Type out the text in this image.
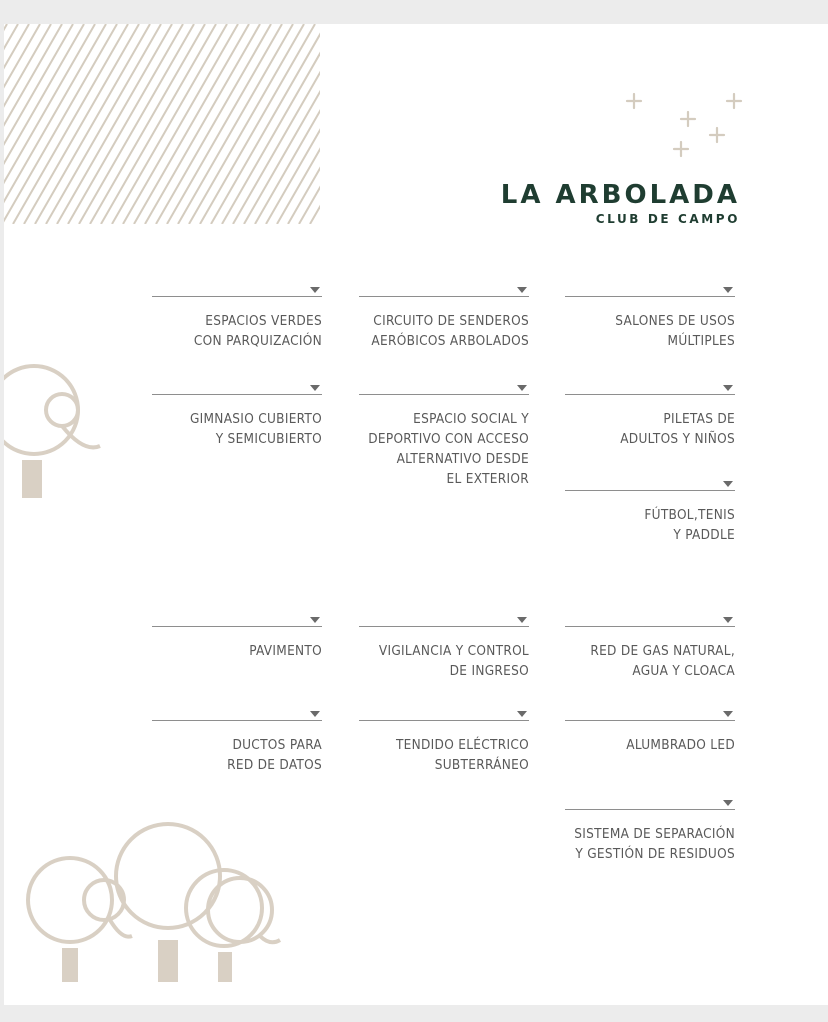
LA ARBOLADA
CLUB DE CAMPO
ESPACIOS VERDES
CON PARQUIZACIÓN
CIRCUITO DE SENDEROS
AERÓBICOS ARBOLADOS
SALONES DE USOS
MÚLTIPLES
GIMNASIO CUBIERTO
Y SEMICUBIERTO
ESPACIO SOCIAL Y
DEPORTIVO CON ACCESO
ALTERNATIVO DESDE
EL EXTERIOR
PILETAS DE
ADULTOS Y NIÑOS
FÚTBOL,TENIS
Y PADDLE
PAVIMENTO	VIGILANCIA Y CONTROL
DE INGRESO
RED DE GAS NATURAL,
AGUA Y CLOACA
DUCTOS PARA
RED DE DATOS
TENDIDO ELÉCTRICO
SUBTERRÁNEO
ALUMBRADO LED
SISTEMA DE SEPARACIÓN
Y GESTIÓN DE RESIDUOS
